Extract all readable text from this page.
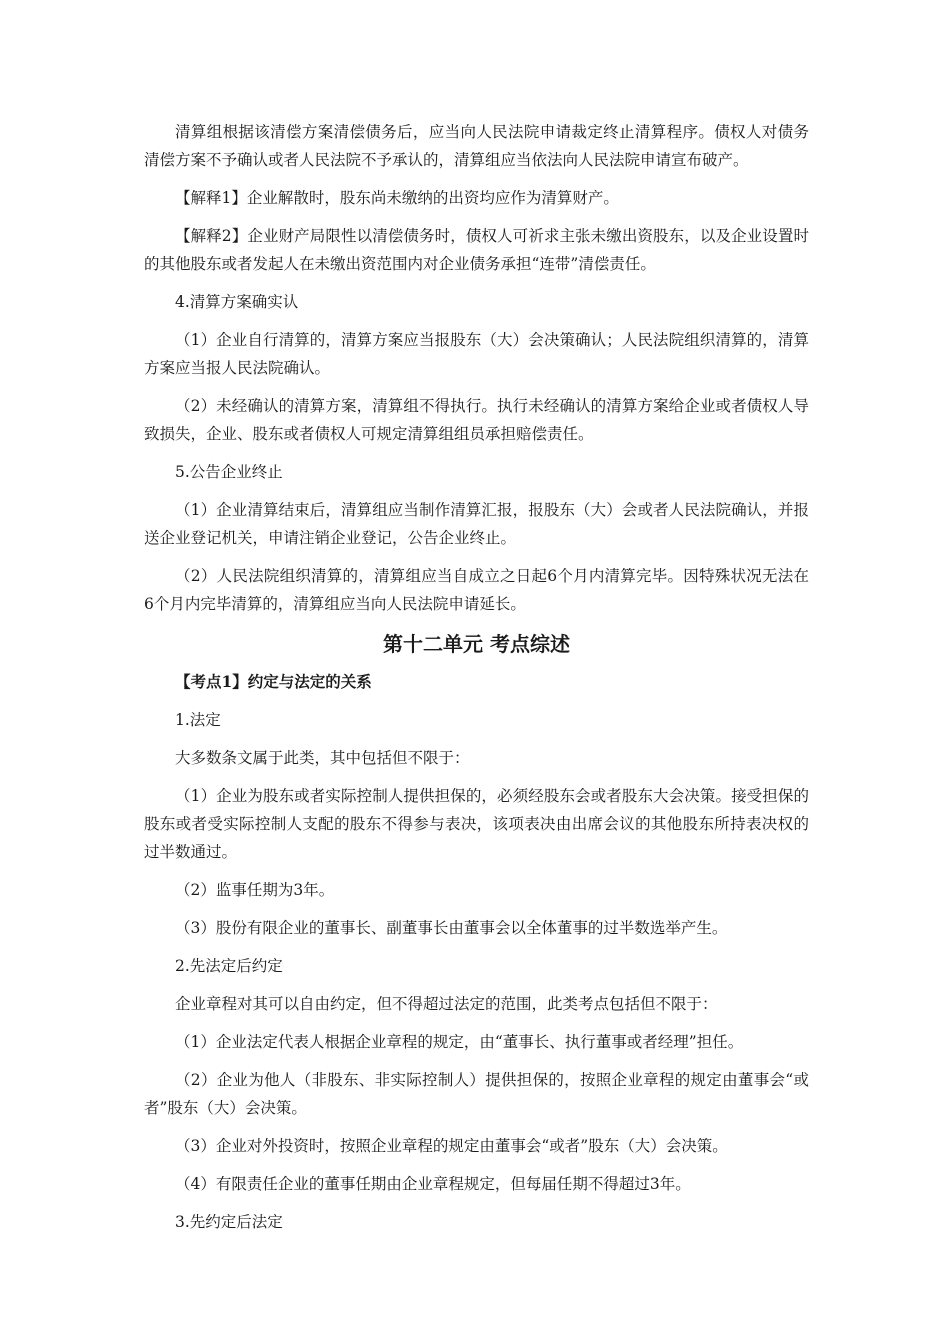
清算组根据该清偿方案清偿债务后，应当向人民法院申请裁定终止清算程序。债权人对债务清偿方案不予确认或者人民法院不予承认的，清算组应当依法向人民法院申请宣布破产。

【解释1】企业解散时，股东尚未缴纳的出资均应作为清算财产。

【解释2】企业财产局限性以清偿债务时，债权人可祈求主张未缴出资股东，以及企业设置时的其他股东或者发起人在未缴出资范围内对企业债务承担“连带”清偿责任。

4.清算方案确实认

（1）企业自行清算的，清算方案应当报股东（大）会决策确认；人民法院组织清算的，清算方案应当报人民法院确认。

（2）未经确认的清算方案，清算组不得执行。执行未经确认的清算方案给企业或者债权人导致损失，企业、股东或者债权人可规定清算组组员承担赔偿责任。

5.公告企业终止

（1）企业清算结束后，清算组应当制作清算汇报，报股东（大）会或者人民法院确认，并报送企业登记机关，申请注销企业登记，公告企业终止。

（2）人民法院组织清算的，清算组应当自成立之日起6个月内清算完毕。因特殊状况无法在6个月内完毕清算的，清算组应当向人民法院申请延长。

第十二单元 考点综述

【考点1】约定与法定的关系

1.法定

大多数条文属于此类，其中包括但不限于：

（1）企业为股东或者实际控制人提供担保的，必须经股东会或者股东大会决策。接受担保的股东或者受实际控制人支配的股东不得参与表决，该项表决由出席会议的其他股东所持表决权的过半数通过。

（2）监事任期为3年。

（3）股份有限企业的董事长、副董事长由董事会以全体董事的过半数选举产生。

2.先法定后约定

企业章程对其可以自由约定，但不得超过法定的范围，此类考点包括但不限于：

（1）企业法定代表人根据企业章程的规定，由“董事长、执行董事或者经理”担任。

（2）企业为他人（非股东、非实际控制人）提供担保的，按照企业章程的规定由董事会“或者”股东（大）会决策。

（3）企业对外投资时，按照企业章程的规定由董事会“或者”股东（大）会决策。

（4）有限责任企业的董事任期由企业章程规定，但每届任期不得超过3年。

3.先约定后法定
